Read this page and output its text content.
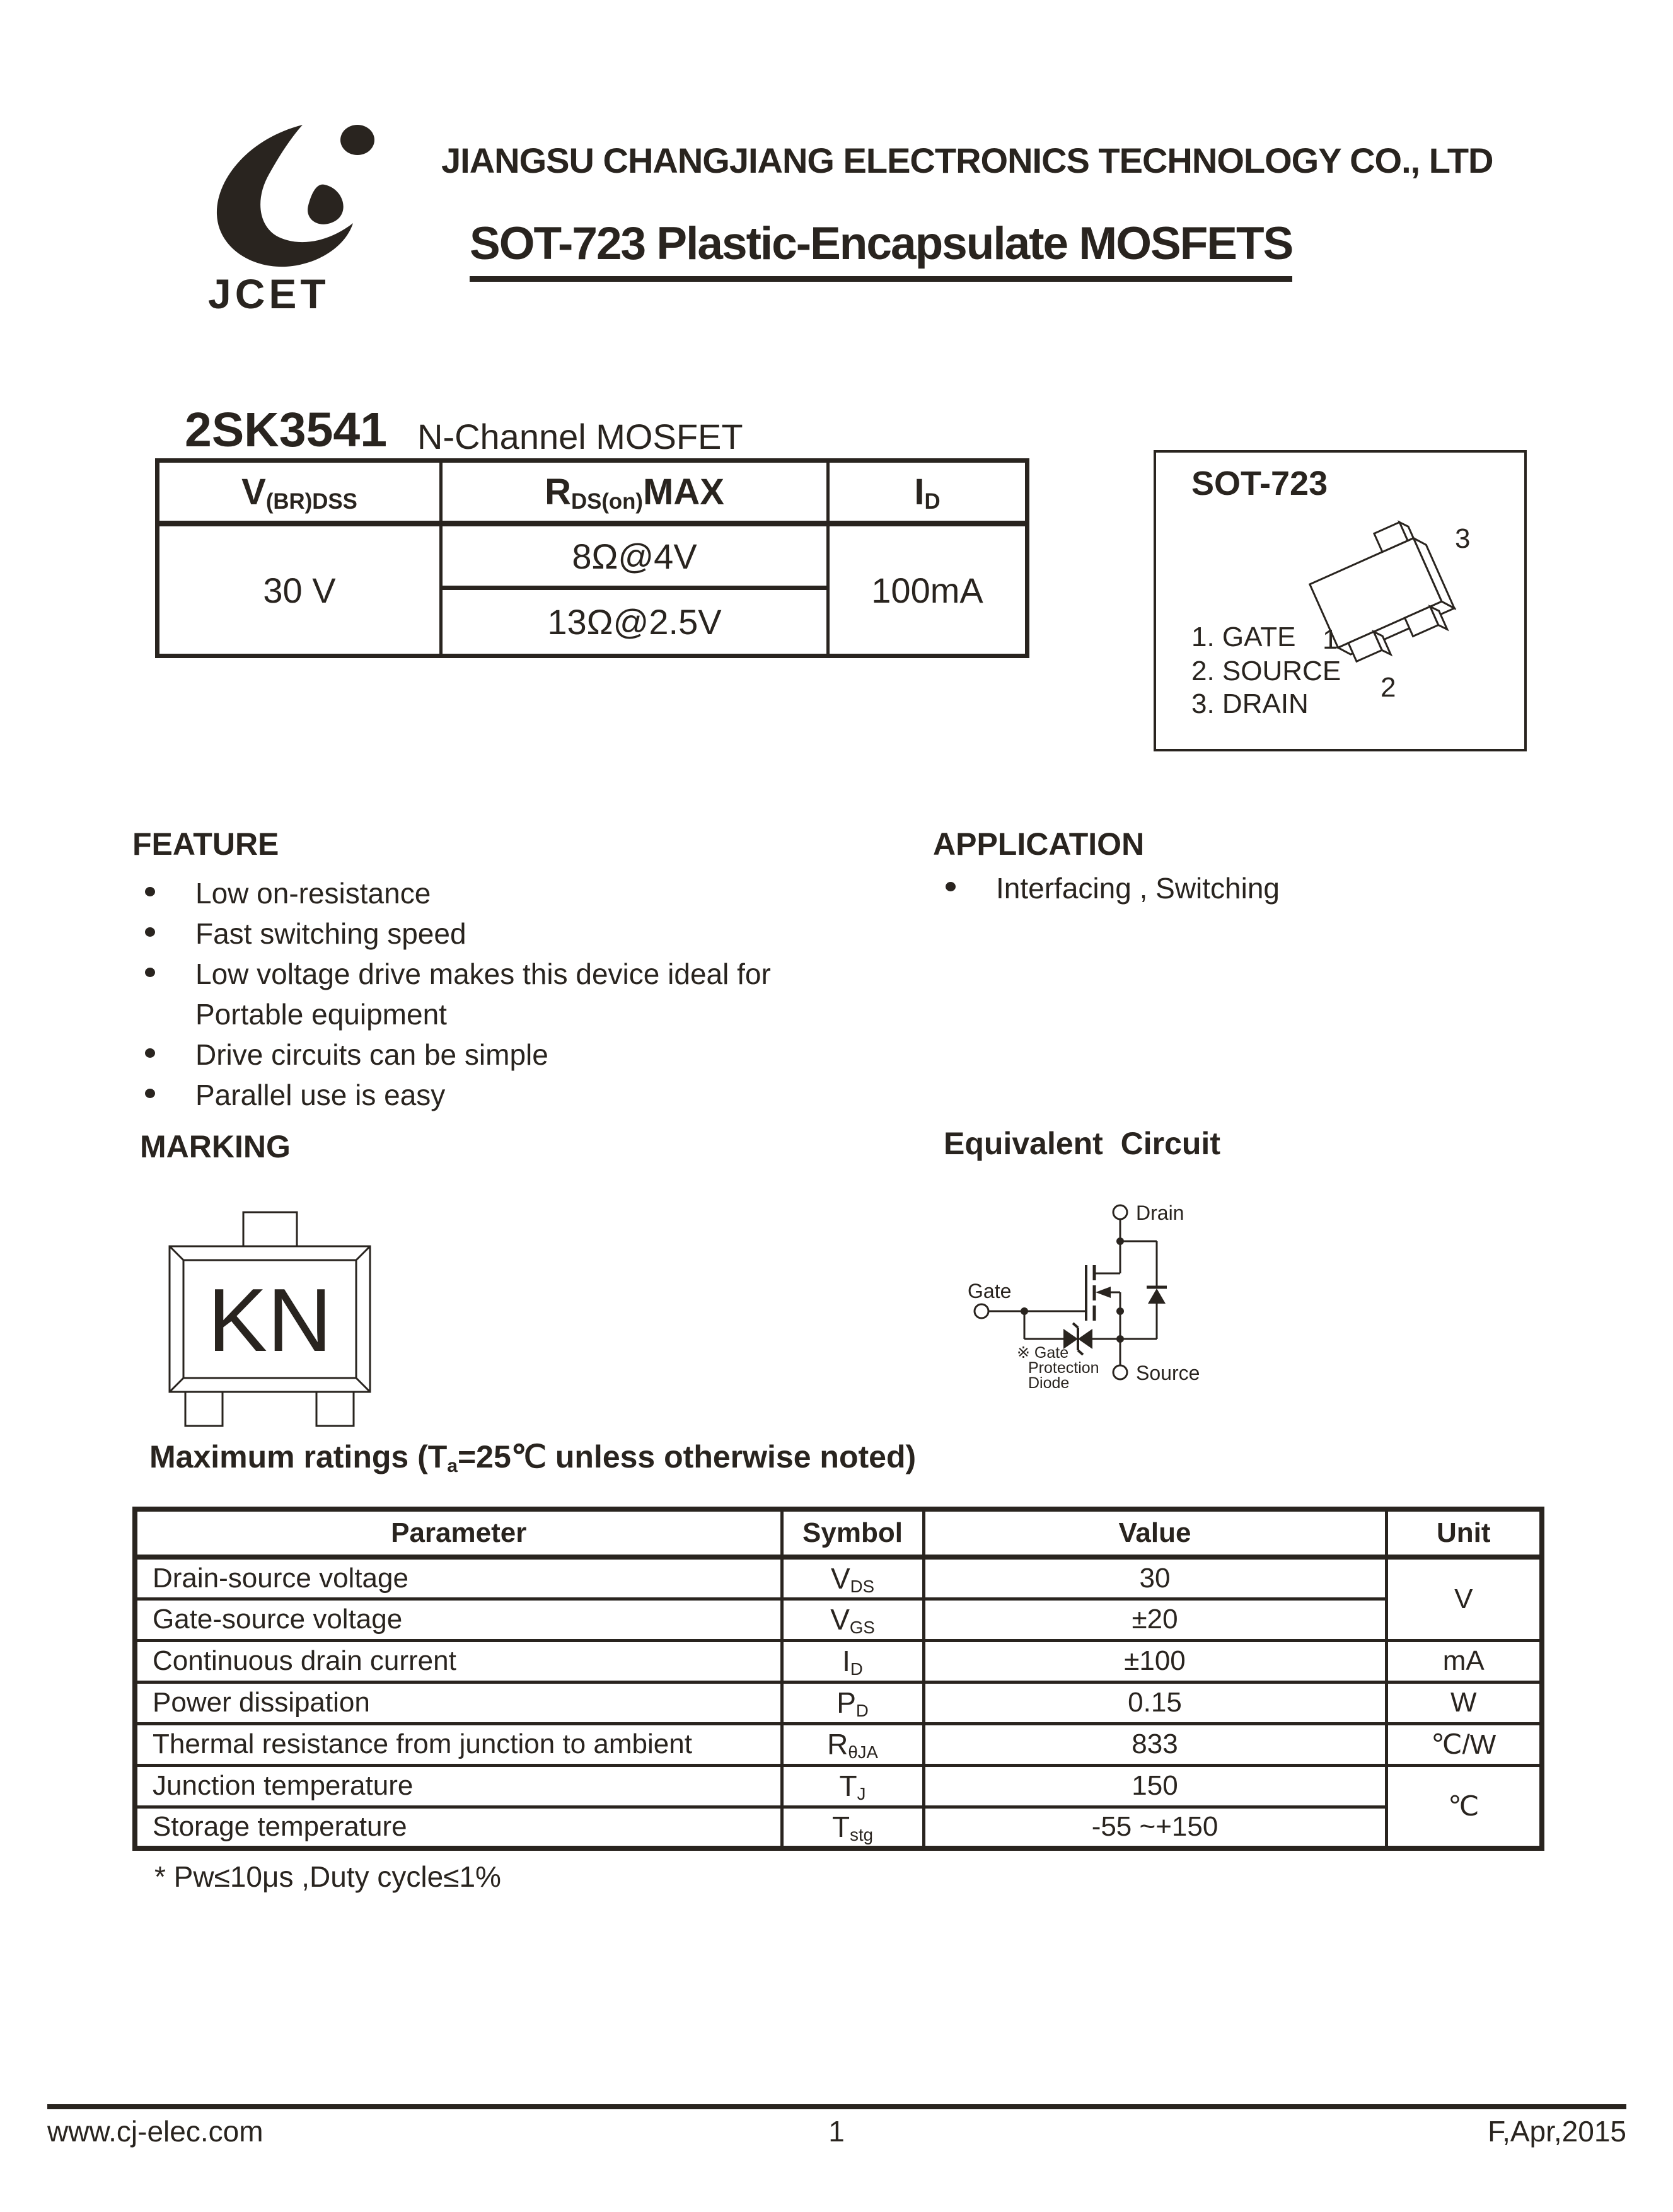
JCET
JIANGSU CHANGJIANG ELECTRONICS TECHNOLOGY CO., LTD
SOT-723 Plastic-Encapsulate MOSFETS
2SK3541 N-Channel MOSFET
V(BR)DSS	RDS(on)MAX	ID
30 V	8Ω@4V	100mA
	13Ω@2.5V	
SOT-723
1. GATE
2. SOURCE
3. DRAIN
3
1
2
FEATURE
Low on-resistance
Fast switching speed
Low voltage drive makes this device ideal for
Portable equipment
Drive circuits can be simple
Parallel use is easy
APPLICATION
Interfacing , Switching
MARKING
KN
Equivalent  Circuit
Drain
Gate
Source
※ Gate
Protection
Diode
Maximum ratings (Ta=25℃ unless otherwise noted)
Parameter	Symbol	Value	Unit
Drain-source voltage	VDS	30	V
Gate-source voltage	VGS	±20	
Continuous drain current	ID	±100	mA
Power dissipation	PD	0.15	W
Thermal resistance from junction to ambient	RθJA	833	℃/W
Junction temperature	TJ	150	℃
Storage temperature	Tstg	-55 ~+150	
* Pw≤10μs ,Duty cycle≤1%
www.cj-elec.com	1	F,Apr,2015
